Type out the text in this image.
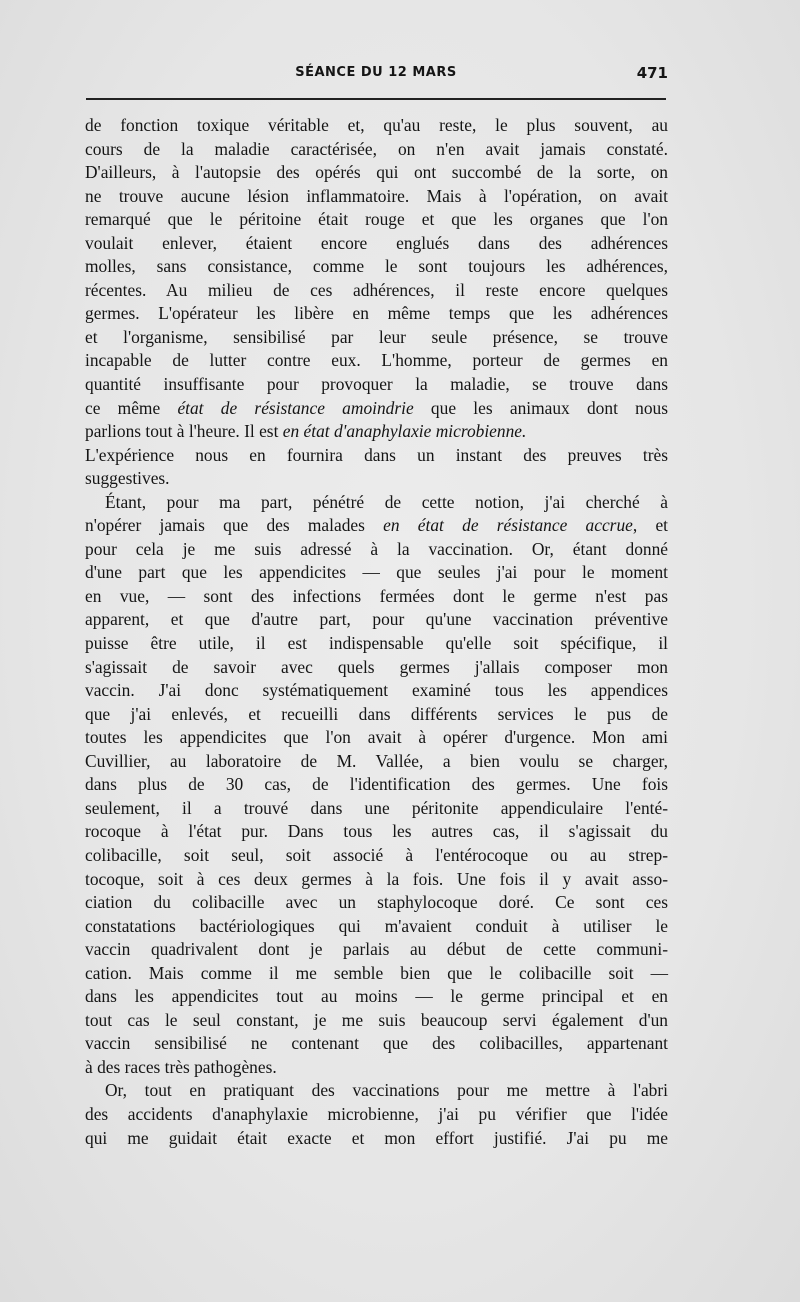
SÉANCE DU 12 MARS	471
de fonction toxique véritable et, qu'au reste, le plus souvent, au
cours de la maladie caractérisée, on n'en avait jamais constaté.
D'ailleurs, à l'autopsie des opérés qui ont succombé de la sorte, on
ne trouve aucune lésion inflammatoire. Mais à l'opération, on avait
remarqué que le péritoine était rouge et que les organes que l'on
voulait enlever, étaient encore englués dans des adhérences
molles, sans consistance, comme le sont toujours les adhérences,
récentes. Au milieu de ces adhérences, il reste encore quelques
germes. L'opérateur les libère en même temps que les adhérences
et l'organisme, sensibilisé par leur seule présence, se trouve
incapable de lutter contre eux. L'homme, porteur de germes en
quantité insuffisante pour provoquer la maladie, se trouve dans
ce même état de résistance amoindrie que les animaux dont nous
parlions tout à l'heure. Il est en état d'anaphylaxie microbienne.
L'expérience nous en fournira dans un instant des preuves très
suggestives.
Étant, pour ma part, pénétré de cette notion, j'ai cherché à
n'opérer jamais que des malades en état de résistance accrue, et
pour cela je me suis adressé à la vaccination. Or, étant donné
d'une part que les appendicites — que seules j'ai pour le moment
en vue, — sont des infections fermées dont le germe n'est pas
apparent, et que d'autre part, pour qu'une vaccination préventive
puisse être utile, il est indispensable qu'elle soit spécifique, il
s'agissait de savoir avec quels germes j'allais composer mon
vaccin. J'ai donc systématiquement examiné tous les appendices
que j'ai enlevés, et recueilli dans différents services le pus de
toutes les appendicites que l'on avait à opérer d'urgence. Mon ami
Cuvillier, au laboratoire de M. Vallée, a bien voulu se charger,
dans plus de 30 cas, de l'identification des germes. Une fois
seulement, il a trouvé dans une péritonite appendiculaire l'enté-
rocoque à l'état pur. Dans tous les autres cas, il s'agissait du
colibacille, soit seul, soit associé à l'entérocoque ou au strep-
tocoque, soit à ces deux germes à la fois. Une fois il y avait asso-
ciation du colibacille avec un staphylocoque doré. Ce sont ces
constatations bactériologiques qui m'avaient conduit à utiliser le
vaccin quadrivalent dont je parlais au début de cette communi-
cation. Mais comme il me semble bien que le colibacille soit —
dans les appendicites tout au moins — le germe principal et en
tout cas le seul constant, je me suis beaucoup servi également d'un
vaccin sensibilisé ne contenant que des colibacilles, appartenant
à des races très pathogènes.
Or, tout en pratiquant des vaccinations pour me mettre à l'abri
des accidents d'anaphylaxie microbienne, j'ai pu vérifier que l'idée
qui me guidait était exacte et mon effort justifié. J'ai pu me
